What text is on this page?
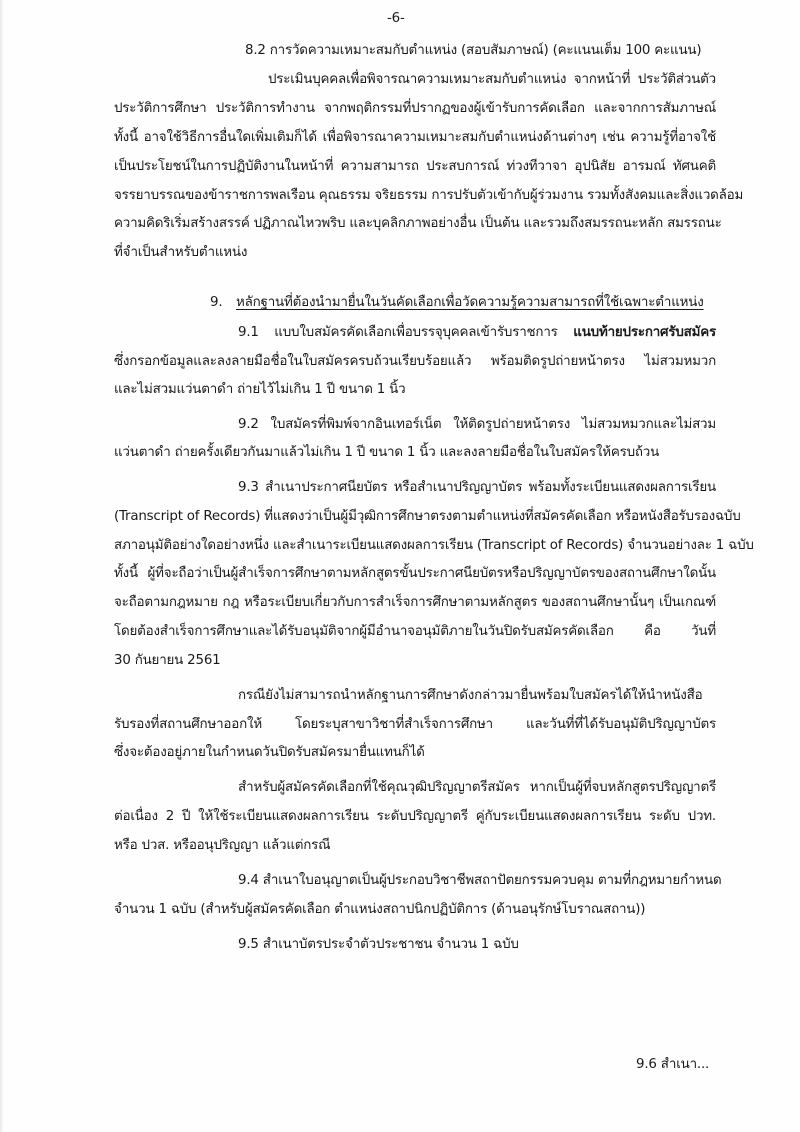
-6-
8.2 การวัดความเหมาะสมกับตำแหน่ง (สอบสัมภาษณ์) (คะแนนเต็ม 100 คะแนน)
ประเมินบุคคลเพื่อพิจารณาความเหมาะสมกับตำแหน่ง จากหน้าที่ ประวัติส่วนตัว
ประวัติการศึกษา ประวัติการทำงาน จากพฤติกรรมที่ปรากฏของผู้เข้ารับการคัดเลือก และจากการสัมภาษณ์
ทั้งนี้ อาจใช้วิธีการอื่นใดเพิ่มเติมก็ได้ เพื่อพิจารณาความเหมาะสมกับตำแหน่งด้านต่างๆ เช่น ความรู้ที่อาจใช้
เป็นประโยชน์ในการปฏิบัติงานในหน้าที่ ความสามารถ ประสบการณ์ ท่วงทีวาจา อุปนิสัย อารมณ์ ทัศนคติ
จรรยาบรรณของข้าราชการพลเรือน คุณธรรม จริยธรรม การปรับตัวเข้ากับผู้ร่วมงาน รวมทั้งสังคมและสิ่งแวดล้อม
ความคิดริเริ่มสร้างสรรค์ ปฏิภาณไหวพริบ และบุคลิกภาพอย่างอื่น เป็นต้น และรวมถึงสมรรถนะหลัก สมรรถนะ
ที่จำเป็นสำหรับตำแหน่ง
9. หลักฐานที่ต้องนำมายื่นในวันคัดเลือกเพื่อวัดความรู้ความสามารถที่ใช้เฉพาะตำแหน่ง
9.1 แบบใบสมัครคัดเลือกเพื่อบรรจุบุคคลเข้ารับราชการ แนบท้ายประกาศรับสมัคร
ซึ่งกรอกข้อมูลและลงลายมือชื่อในใบสมัครครบถ้วนเรียบร้อยแล้ว พร้อมติดรูปถ่ายหน้าตรง ไม่สวมหมวก
และไม่สวมแว่นตาดำ ถ่ายไว้ไม่เกิน 1 ปี ขนาด 1 นิ้ว
9.2 ใบสมัครที่พิมพ์จากอินเทอร์เน็ต ให้ติดรูปถ่ายหน้าตรง ไม่สวมหมวกและไม่สวม
แว่นตาดำ ถ่ายครั้งเดียวกันมาแล้วไม่เกิน 1 ปี ขนาด 1 นิ้ว และลงลายมือชื่อในใบสมัครให้ครบถ้วน
9.3 สำเนาประกาศนียบัตร หรือสำเนาปริญญาบัตร พร้อมทั้งระเบียนแสดงผลการเรียน
(Transcript of Records) ที่แสดงว่าเป็นผู้มีวุฒิการศึกษาตรงตามตำแหน่งที่สมัครคัดเลือก หรือหนังสือรับรองฉบับ
สภาอนุมัติอย่างใดอย่างหนึ่ง และสำเนาระเบียนแสดงผลการเรียน (Transcript of Records) จำนวนอย่างละ 1 ฉบับ
ทั้งนี้ ผู้ที่จะถือว่าเป็นผู้สำเร็จการศึกษาตามหลักสูตรขั้นประกาศนียบัตรหรือปริญญาบัตรของสถานศึกษาใดนั้น
จะถือตามกฎหมาย กฎ หรือระเบียบเกี่ยวกับการสำเร็จการศึกษาตามหลักสูตร ของสถานศึกษานั้นๆ เป็นเกณฑ์
โดยต้องสำเร็จการศึกษาและได้รับอนุมัติจากผู้มีอำนาจอนุมัติภายในวันปิดรับสมัครคัดเลือก คือ วันที่
30 กันยายน 2561
กรณียังไม่สามารถนำหลักฐานการศึกษาดังกล่าวมายื่นพร้อมใบสมัครได้ให้นำหนังสือ
รับรองที่สถานศึกษาออกให้ โดยระบุสาขาวิชาที่สำเร็จการศึกษา และวันที่ที่ได้รับอนุมัติปริญญาบัตร
ซึ่งจะต้องอยู่ภายในกำหนดวันปิดรับสมัครมายื่นแทนก็ได้
สำหรับผู้สมัครคัดเลือกที่ใช้คุณวุฒิปริญญาตรีสมัคร หากเป็นผู้ที่จบหลักสูตรปริญญาตรี
ต่อเนื่อง 2 ปี ให้ใช้ระเบียนแสดงผลการเรียน ระดับปริญญาตรี คู่กับระเบียนแสดงผลการเรียน ระดับ ปวท.
หรือ ปวส. หรืออนุปริญญา แล้วแต่กรณี
9.4 สำเนาใบอนุญาตเป็นผู้ประกอบวิชาชีพสถาปัตยกรรมควบคุม ตามที่กฎหมายกำหนด
จำนวน 1 ฉบับ (สำหรับผู้สมัครคัดเลือก ตำแหน่งสถาปนิกปฏิบัติการ (ด้านอนุรักษ์โบราณสถาน))
9.5 สำเนาบัตรประจำตัวประชาชน จำนวน 1 ฉบับ
9.6 สำเนา...
